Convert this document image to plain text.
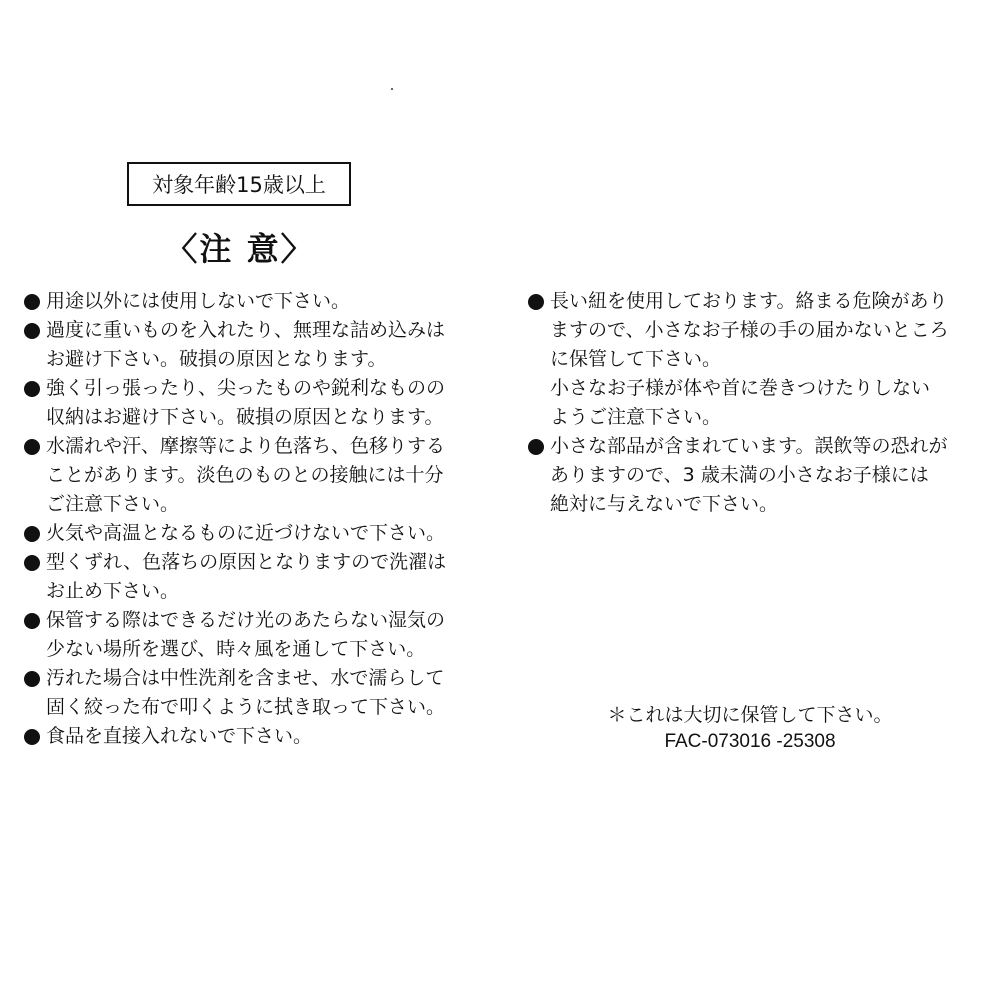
対象年齢15歳以上
〈注 意〉
用途以外には使用しないで下さい。
過度に重いものを入れたり、無理な詰め込みは
お避け下さい。破損の原因となります。
強く引っ張ったり、尖ったものや鋭利なものの
収納はお避け下さい。破損の原因となります。
水濡れや汗、摩擦等により色落ち、色移りする
ことがあります。淡色のものとの接触には十分
ご注意下さい。
火気や高温となるものに近づけないで下さい。
型くずれ、色落ちの原因となりますので洗濯は
お止め下さい。
保管する際はできるだけ光のあたらない湿気の
少ない場所を選び、時々風を通して下さい。
汚れた場合は中性洗剤を含ませ、水で濡らして
固く絞った布で叩くように拭き取って下さい。
食品を直接入れないで下さい。
長い紐を使用しております。絡まる危険があり
ますので、小さなお子様の手の届かないところ
に保管して下さい。
小さなお子様が体や首に巻きつけたりしない
ようご注意下さい。
小さな部品が含まれています。誤飲等の恐れが
ありますので、3 歳未満の小さなお子様には
絶対に与えないで下さい。
＊これは大切に保管して下さい。
FAC-073016 -25308
